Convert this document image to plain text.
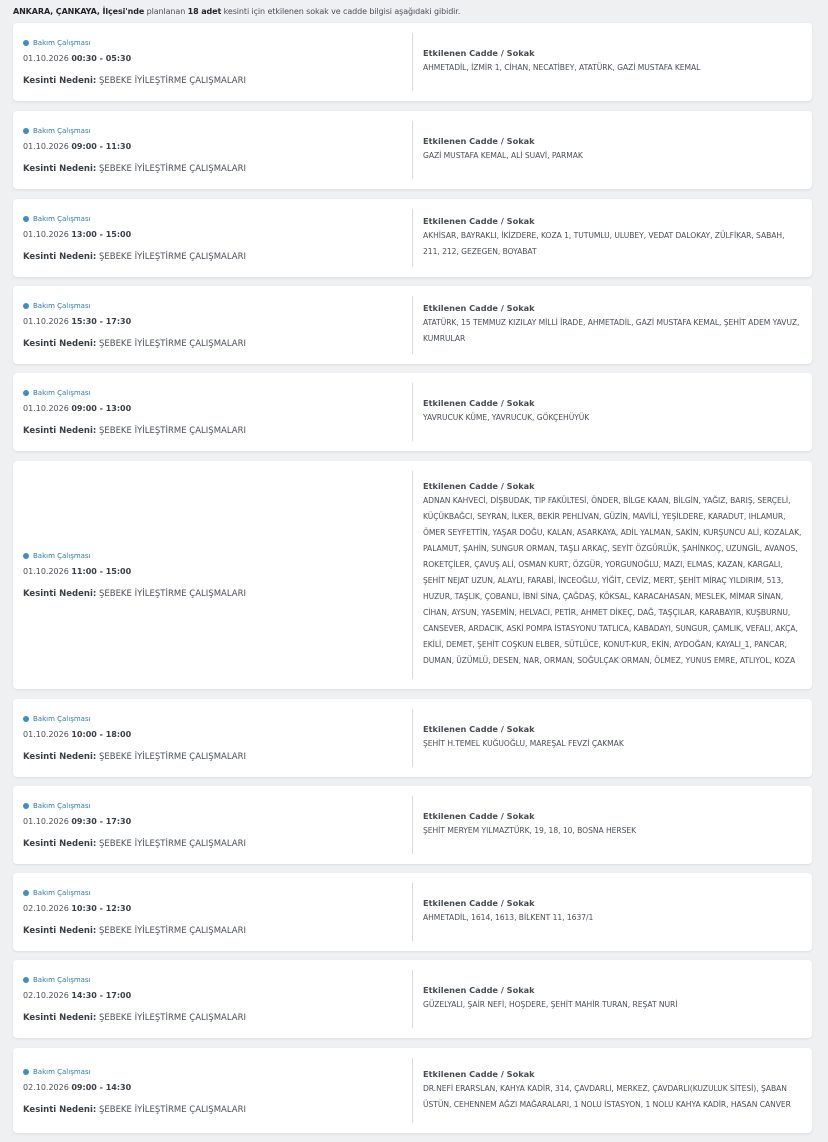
ANKARA, ÇANKAYA, İlçesi'nde planlanan 18 adet kesinti için etkilenen sokak ve cadde bilgisi aşağıdaki gibidir.
Bakım Çalışması
01.10.2026 00:30 - 05:30
Kesinti Nedeni: ŞEBEKE İYİLEŞTİRME ÇALIŞMALARI
Etkilenen Cadde / Sokak
AHMETADİL, İZMİR 1, CİHAN, NECATİBEY, ATATÜRK, GAZİ MUSTAFA KEMAL
Bakım Çalışması
01.10.2026 09:00 - 11:30
Kesinti Nedeni: ŞEBEKE İYİLEŞTİRME ÇALIŞMALARI
Etkilenen Cadde / Sokak
GAZİ MUSTAFA KEMAL, ALİ SUAVİ, PARMAK
Bakım Çalışması
01.10.2026 13:00 - 15:00
Kesinti Nedeni: ŞEBEKE İYİLEŞTİRME ÇALIŞMALARI
Etkilenen Cadde / Sokak
AKHİSAR, BAYRAKLI, İKİZDERE, KOZA 1, TUTUMLU, ULUBEY, VEDAT DALOKAY, ZÜLFİKAR, SABAH, 211, 212, GEZEGEN, BOYABAT
Bakım Çalışması
01.10.2026 15:30 - 17:30
Kesinti Nedeni: ŞEBEKE İYİLEŞTİRME ÇALIŞMALARI
Etkilenen Cadde / Sokak
ATATÜRK, 15 TEMMUZ KIZILAY MİLLİ İRADE, AHMETADİL, GAZİ MUSTAFA KEMAL, ŞEHİT ADEM YAVUZ, KUMRULAR
Bakım Çalışması
01.10.2026 09:00 - 13:00
Kesinti Nedeni: ŞEBEKE İYİLEŞTİRME ÇALIŞMALARI
Etkilenen Cadde / Sokak
YAVRUCUK KÜME, YAVRUCUK, GÖKÇEHÜYÜK
Bakım Çalışması
01.10.2026 11:00 - 15:00
Kesinti Nedeni: ŞEBEKE İYİLEŞTİRME ÇALIŞMALARI
Etkilenen Cadde / Sokak
ADNAN KAHVECİ, DİŞBUDAK, TIP FAKÜLTESİ, ÖNDER, BİLGE KAAN, BİLGİN, YAĞIZ, BARIŞ, SERÇELİ, KÜÇÜKBAĞCI, SEYRAN, İLKER, BEKİR PEHLİVAN, GÜZİN, MAVİLİ, YEŞİLDERE, KARADUT, IHLAMUR, ÖMER SEYFETTİN, YAŞAR DOĞU, KALAN, ASARKAYA, ADİL YALMAN, SAKİN, KURŞUNCU ALİ, KOZALAK, PALAMUT, ŞAHİN, SUNGUR ORMAN, TAŞLI ARKAÇ, SEYİT ÖZGÜRLÜK, ŞAHİNKOÇ, UZUNGİL, AVANOS, ROKETÇİLER, ÇAVUŞ ALİ, OSMAN KURT, ÖZGÜR, YORGUNOĞLU, MAZI, ELMAS, KAZAN, KARGALI, ŞEHİT NEJAT UZUN, ALAYLI, FARABİ, İNCEOĞLU, YİĞİT, CEVİZ, MERT, ŞEHİT MİRAÇ YILDIRIM, 513, HUZUR, TAŞLIK, ÇOBANLI, İBNİ SİNA, ÇAĞDAŞ, KÖKSAL, KARACAHASAN, MESLEK, MİMAR SİNAN, CİHAN, AYSUN, YASEMİN, HELVACI, PETİR, AHMET DİKEÇ, DAĞ, TAŞÇILAR, KARABAYIR, KUŞBURNU, CANSEVER, ARDACIK, ASKİ POMPA İSTASYONU TATLICA, KABADAYI, SUNGUR, ÇAMLIK, VEFALI, AKÇA, EKİLİ, DEMET, ŞEHİT COŞKUN ELBER, SÜTLÜCE, KONUT-KUR, EKİN, AYDOĞAN, KAYALI_1, PANCAR, DUMAN, ÜZÜMLÜ, DESEN, NAR, ORMAN, SOĞULÇAK ORMAN, ÖLMEZ, YUNUS EMRE, ATLIYOL, KOZA
Bakım Çalışması
01.10.2026 10:00 - 18:00
Kesinti Nedeni: ŞEBEKE İYİLEŞTİRME ÇALIŞMALARI
Etkilenen Cadde / Sokak
ŞEHİT H.TEMEL KUĞUOĞLU, MAREŞAL FEVZİ ÇAKMAK
Bakım Çalışması
01.10.2026 09:30 - 17:30
Kesinti Nedeni: ŞEBEKE İYİLEŞTİRME ÇALIŞMALARI
Etkilenen Cadde / Sokak
ŞEHİT MERYEM YILMAZTÜRK, 19, 18, 10, BOSNA HERSEK
Bakım Çalışması
02.10.2026 10:30 - 12:30
Kesinti Nedeni: ŞEBEKE İYİLEŞTİRME ÇALIŞMALARI
Etkilenen Cadde / Sokak
AHMETADİL, 1614, 1613, BİLKENT 11, 1637/1
Bakım Çalışması
02.10.2026 14:30 - 17:00
Kesinti Nedeni: ŞEBEKE İYİLEŞTİRME ÇALIŞMALARI
Etkilenen Cadde / Sokak
GÜZELYALI, ŞAİR NEFİ, HOŞDERE, ŞEHİT MAHİR TURAN, REŞAT NURİ
Bakım Çalışması
02.10.2026 09:00 - 14:30
Kesinti Nedeni: ŞEBEKE İYİLEŞTİRME ÇALIŞMALARI
Etkilenen Cadde / Sokak
DR.NEFİ ERARSLAN, KAHYA KADİR, 314, ÇAVDARLI, MERKEZ, ÇAVDARLI(KUZULUK SİTESİ), ŞABAN ÜSTÜN, CEHENNEM AĞZI MAĞARALARI, 1 NOLU İSTASYON, 1 NOLU KAHYA KADİR, HASAN CANVER
